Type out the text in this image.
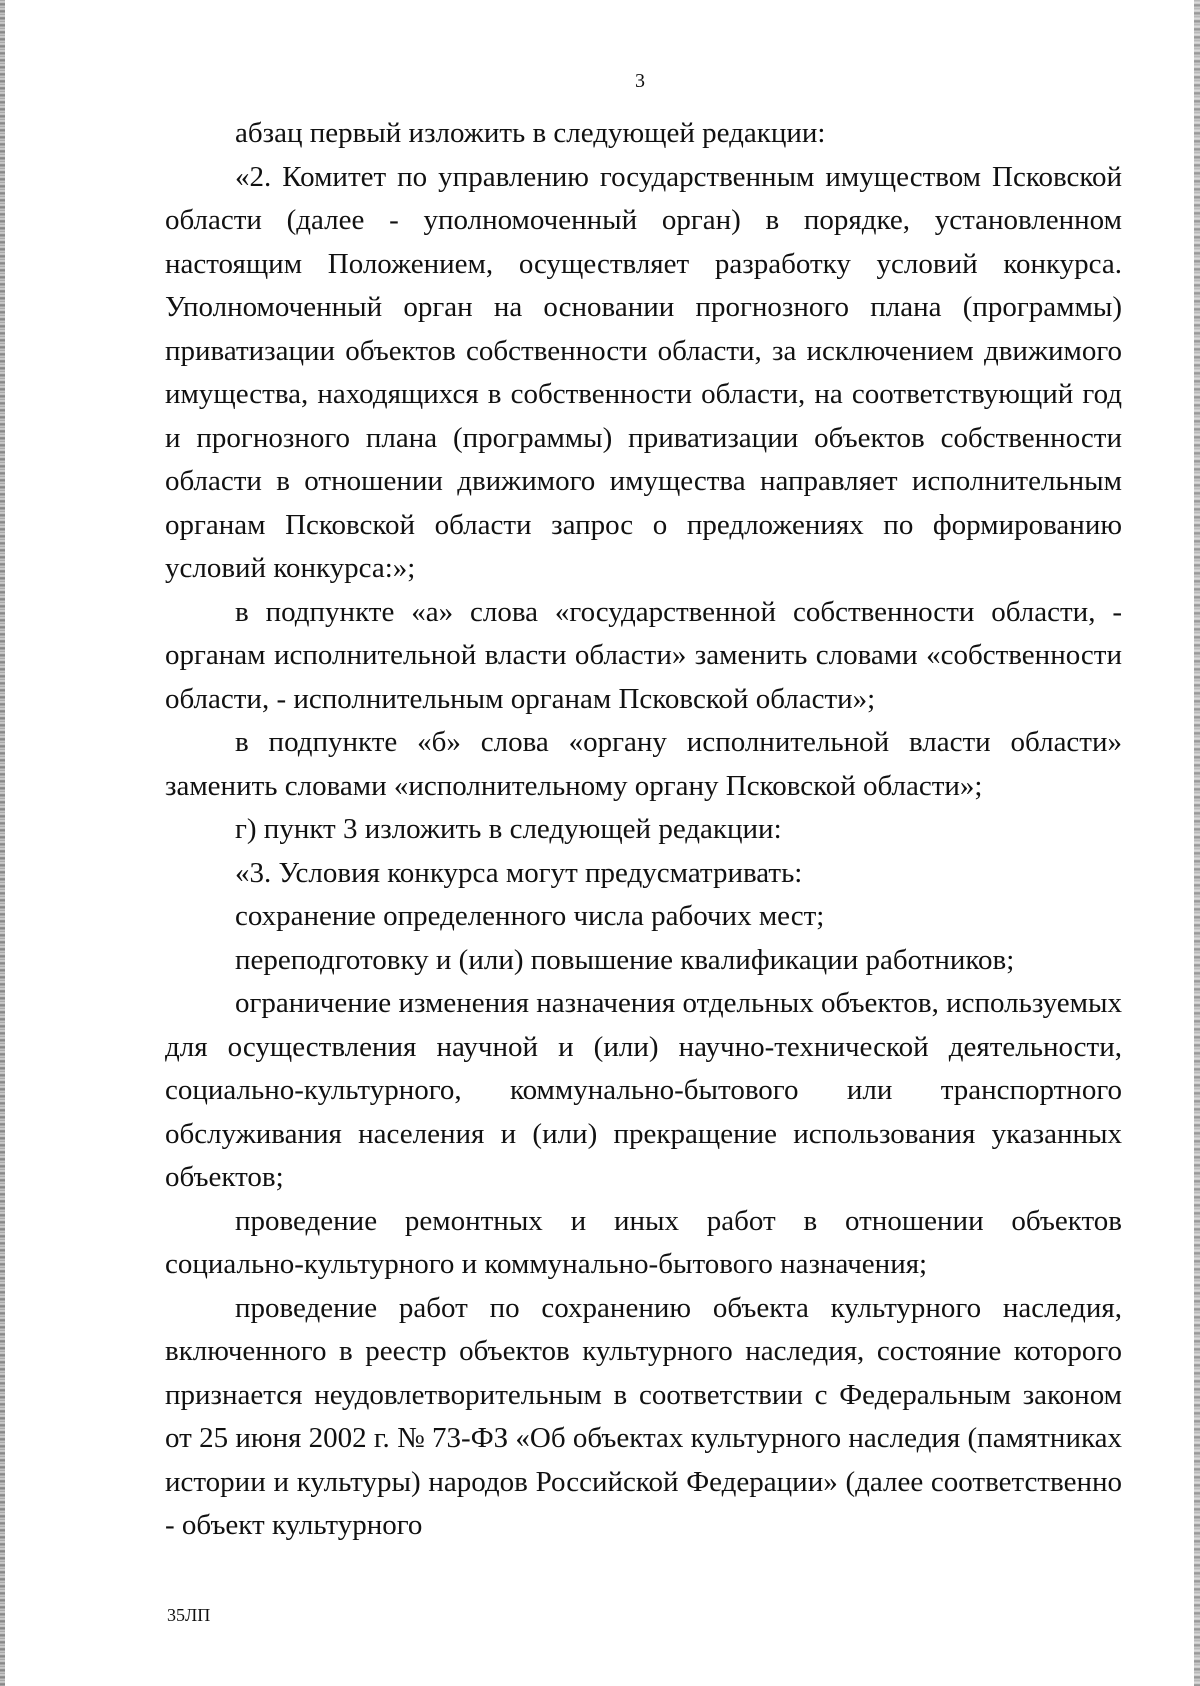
3

абзац первый изложить в следующей редакции:

«2. Комитет по управлению государственным имуществом Псковской области (далее - уполномоченный орган) в порядке, установленном настоящим Положением, осуществляет разработку условий конкурса. Уполномоченный орган на основании прогнозного плана (программы) приватизации объектов собственности области, за исключением движимого имущества, находящихся в собственности области, на соответствующий год и прогнозного плана (программы) приватизации объектов собственности области в отношении движимого имущества направляет исполнительным органам Псковской области запрос о предложениях по формированию условий конкурса:»;

в подпункте «а» слова «государственной собственности области, - органам исполнительной власти области» заменить словами «собственности области, - исполнительным органам Псковской области»;

в подпункте «б» слова «органу исполнительной власти области» заменить словами «исполнительному органу Псковской области»;

г) пункт 3 изложить в следующей редакции:

«3. Условия конкурса могут предусматривать:

сохранение определенного числа рабочих мест;

переподготовку и (или) повышение квалификации работников;

ограничение изменения назначения отдельных объектов, используемых для осуществления научной и (или) научно-технической деятельности, социально-культурного, коммунально-бытового или транспортного обслуживания населения и (или) прекращение использования указанных объектов;

проведение ремонтных и иных работ в отношении объектов социально-культурного и коммунально-бытового назначения;

проведение работ по сохранению объекта культурного наследия, включенного в реестр объектов культурного наследия, состояние которого признается неудовлетворительным в соответствии с Федеральным законом от 25 июня 2002 г. № 73-ФЗ «Об объектах культурного наследия (памятниках истории и культуры) народов Российской Федерации» (далее соответственно - объект культурного

35ЛП
